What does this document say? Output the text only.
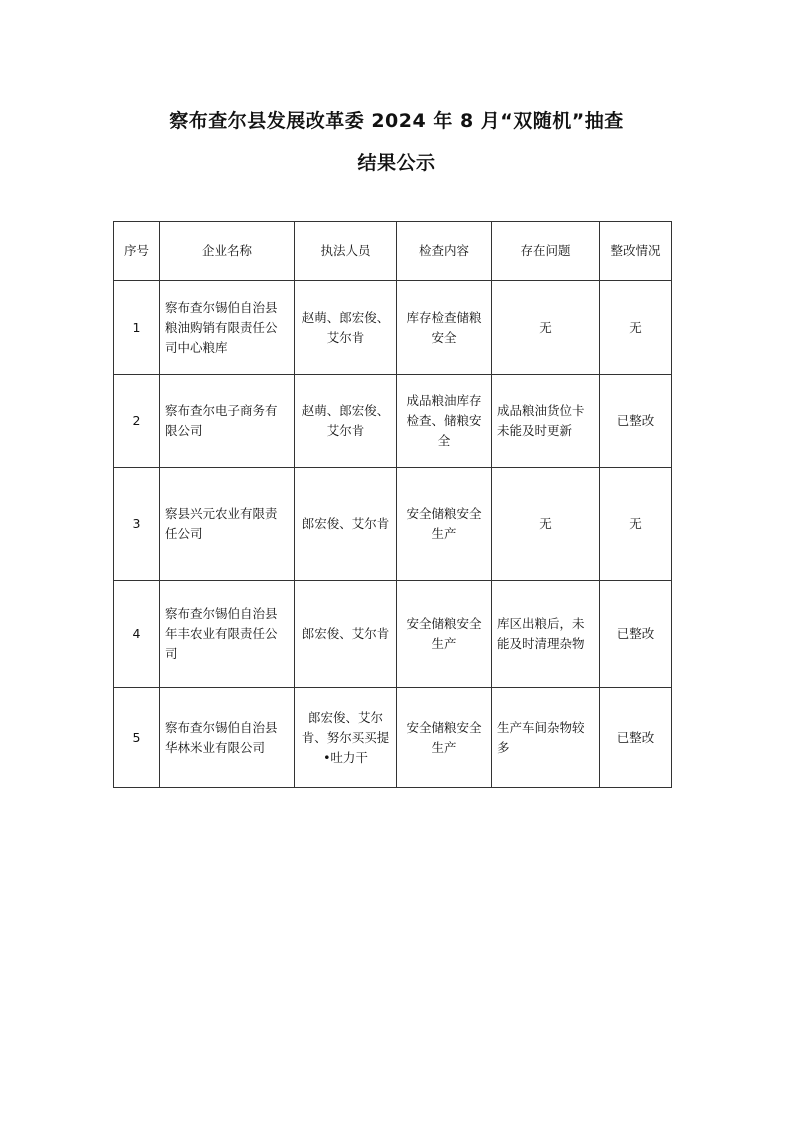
察布查尔县发展改革委 2024 年 8 月“双随机”抽查
结果公示
序号	企业名称	执法人员	检查内容	存在问题	整改情况
1	察布查尔锡伯自治县粮油购销有限责任公司中心粮库	赵萌、郎宏俊、艾尔肯	库存检查储粮安全	无	无
2	察布查尔电子商务有限公司	赵萌、郎宏俊、艾尔肯	成品粮油库存检查、储粮安全	成品粮油货位卡未能及时更新	已整改
3	察县兴元农业有限责任公司	郎宏俊、艾尔肯	安全储粮安全生产	无	无
4	察布查尔锡伯自治县年丰农业有限责任公司	郎宏俊、艾尔肯	安全储粮安全生产	库区出粮后，未能及时清理杂物	已整改
5	察布查尔锡伯自治县华林米业有限公司	郎宏俊、艾尔肯、努尔买买提•吐力干	安全储粮安全生产	生产车间杂物较多	已整改
